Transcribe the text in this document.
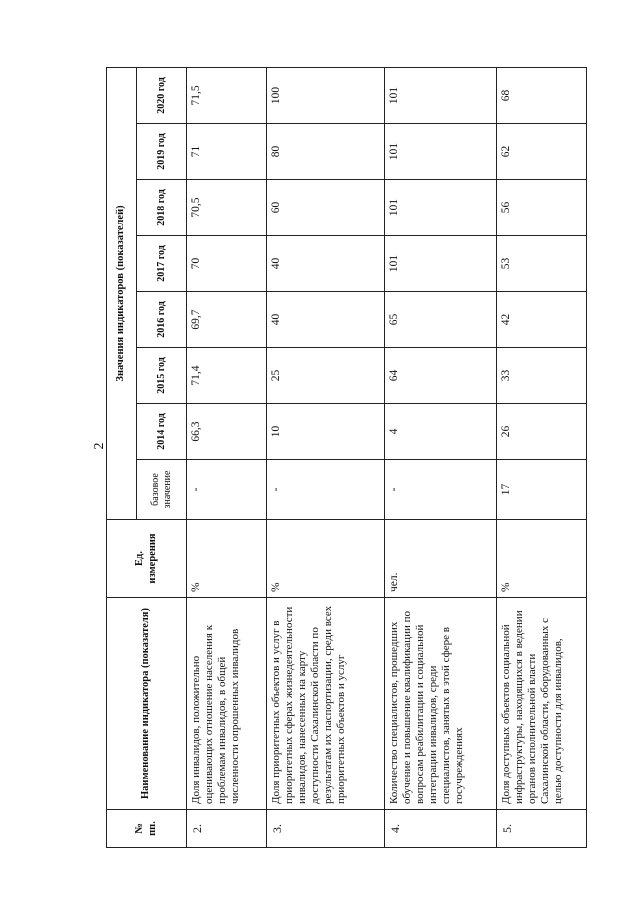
2
№ пп.	Наименование индикатора (показателя)	Ед. измерения	Значения индикаторов (показателей)							
			базовое значение	2014 год	2015 год	2016 год	2017 год	2018 год	2019 год	2020 год
2.	Доля инвалидов, положительно оценивающих отношение населения к проблемам инвалидов, в общей численности опрошенных инвалидов	%	-	66,3	71,4	69,7	70	70,5	71	71,5
3.	Доля приоритетных объектов и услуг в приоритетных сферах жизнедеятельности инвалидов, нанесенных на карту доступности Сахалинской области по результатам их паспортизации, среди всех приоритетных объектов и услуг	%	-	10	25	40	40	60	80	100
4.	Количество специалистов, прошедших обучение и повышение квалификации по вопросам реабилитации и социальной интеграции инвалидов, среди специалистов, занятых в этой сфере в госучреждениях	чел.	-	4	64	65	101	101	101	101
5.	Доля доступных объектов социальной инфраструктуры, находящихся в ведении органов исполнительной власти Сахалинской области, оборудованных с целью доступности для инвалидов,	%	17	26	33	42	53	56	62	68
